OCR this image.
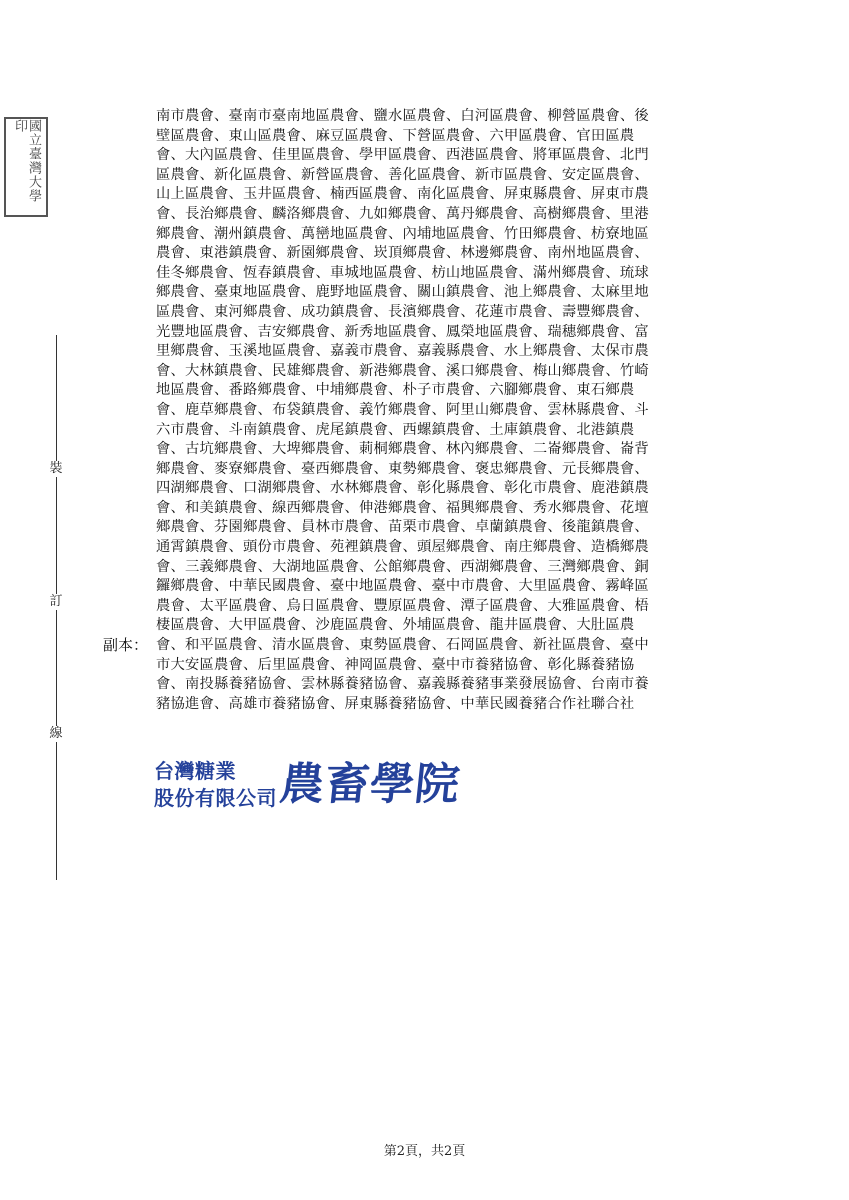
國立臺灣大學印
裝
訂
線
南市農會、臺南市臺南地區農會、鹽水區農會、白河區農會、柳營區農會、後
壁區農會、東山區農會、麻豆區農會、下營區農會、六甲區農會、官田區農
會、大內區農會、佳里區農會、學甲區農會、西港區農會、將軍區農會、北門
區農會、新化區農會、新營區農會、善化區農會、新市區農會、安定區農會、
山上區農會、玉井區農會、楠西區農會、南化區農會、屏東縣農會、屏東市農
會、長治鄉農會、麟洛鄉農會、九如鄉農會、萬丹鄉農會、高樹鄉農會、里港
鄉農會、潮州鎮農會、萬巒地區農會、內埔地區農會、竹田鄉農會、枋寮地區
農會、東港鎮農會、新園鄉農會、崁頂鄉農會、林邊鄉農會、南州地區農會、
佳冬鄉農會、恆春鎮農會、車城地區農會、枋山地區農會、滿州鄉農會、琉球
鄉農會、臺東地區農會、鹿野地區農會、關山鎮農會、池上鄉農會、太麻里地
區農會、東河鄉農會、成功鎮農會、長濱鄉農會、花蓮市農會、壽豐鄉農會、
光豐地區農會、吉安鄉農會、新秀地區農會、鳳榮地區農會、瑞穗鄉農會、富
里鄉農會、玉溪地區農會、嘉義市農會、嘉義縣農會、水上鄉農會、太保市農
會、大林鎮農會、民雄鄉農會、新港鄉農會、溪口鄉農會、梅山鄉農會、竹崎
地區農會、番路鄉農會、中埔鄉農會、朴子市農會、六腳鄉農會、東石鄉農
會、鹿草鄉農會、布袋鎮農會、義竹鄉農會、阿里山鄉農會、雲林縣農會、斗
六市農會、斗南鎮農會、虎尾鎮農會、西螺鎮農會、土庫鎮農會、北港鎮農
會、古坑鄉農會、大埤鄉農會、莿桐鄉農會、林內鄉農會、二崙鄉農會、崙背
鄉農會、麥寮鄉農會、臺西鄉農會、東勢鄉農會、褒忠鄉農會、元長鄉農會、
四湖鄉農會、口湖鄉農會、水林鄉農會、彰化縣農會、彰化市農會、鹿港鎮農
會、和美鎮農會、線西鄉農會、伸港鄉農會、福興鄉農會、秀水鄉農會、花壇
鄉農會、芬園鄉農會、員林市農會、苗栗市農會、卓蘭鎮農會、後龍鎮農會、
通霄鎮農會、頭份市農會、苑裡鎮農會、頭屋鄉農會、南庄鄉農會、造橋鄉農
會、三義鄉農會、大湖地區農會、公館鄉農會、西湖鄉農會、三灣鄉農會、銅
鑼鄉農會、中華民國農會、臺中地區農會、臺中市農會、大里區農會、霧峰區
農會、太平區農會、烏日區農會、豐原區農會、潭子區農會、大雅區農會、梧
棲區農會、大甲區農會、沙鹿區農會、外埔區農會、龍井區農會、大肚區農
會、和平區農會、清水區農會、東勢區農會、石岡區農會、新社區農會、臺中
市大安區農會、后里區農會、神岡區農會、臺中市養豬協會、彰化縣養豬協
會、南投縣養豬協會、雲林縣養豬協會、嘉義縣養豬事業發展協會、台南市養
豬協進會、高雄市養豬協會、屏東縣養豬協會、中華民國養豬合作社聯合社
副本：
台灣糖業
股份有限公司 農畜學院
第2頁，共2頁
